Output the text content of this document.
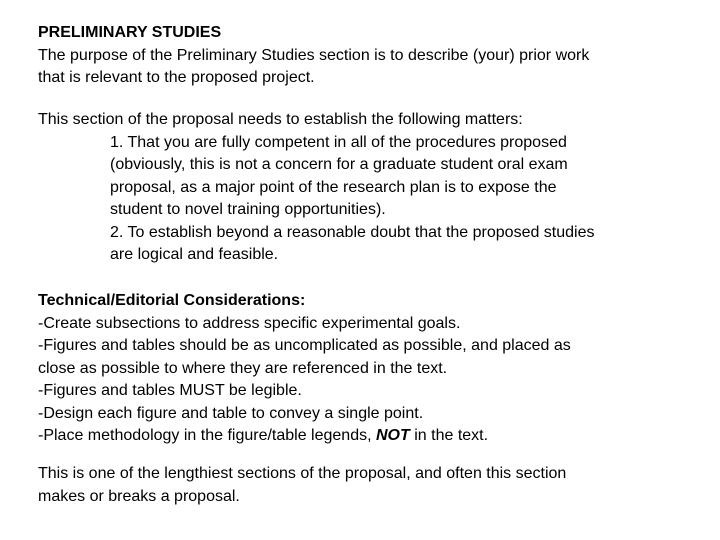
PRELIMINARY STUDIES
The purpose of the Preliminary Studies section is to describe (your) prior work
that is relevant to the proposed project.
This section of the proposal needs to establish the following matters:
1. That you are fully competent in all of the procedures proposed
(obviously, this is not a concern for a graduate student oral exam
proposal, as a major point of the research plan is to expose the
student to novel training opportunities).
2. To establish beyond a reasonable doubt that the proposed studies
are logical and feasible.
Technical/Editorial Considerations:
-Create subsections to address specific experimental goals.
-Figures and tables should be as uncomplicated as possible, and placed as
close as possible to where they are referenced in the text.
-Figures and tables MUST be legible.
-Design each figure and table to convey a single point.
-Place methodology in the figure/table legends, NOT in the text.
This is one of the lengthiest sections of the proposal, and often this section
makes or breaks a proposal.
